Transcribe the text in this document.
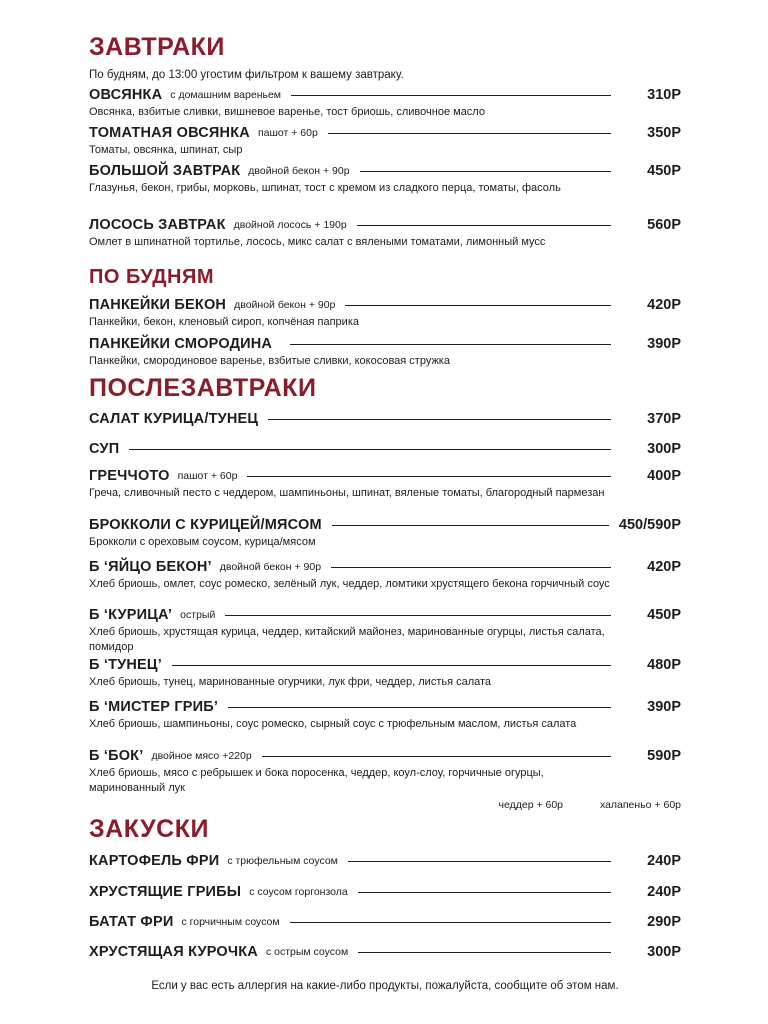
ЗАВТРАКИ
По будням, до 13:00 угостим фильтром к вашему завтраку.
ОВСЯНКА с домашним вареньем	310Р
Овсянка, взбитые сливки, вишневое варенье, тост бриошь, сливочное масло
ТОМАТНАЯ ОВСЯНКА пашот + 60р	350Р
Томаты, овсянка, шпинат, сыр
БОЛЬШОЙ ЗАВТРАК двойной бекон + 90р	450Р
Глазунья, бекон, грибы, морковь, шпинат, тост с кремом из сладкого перца, томаты, фасоль
ЛОСОСЬ ЗАВТРАК двойной лосось + 190р	560Р
Омлет в шпинатной тортилье, лосось, микс салат с вялеными томатами, лимонный мусс
ПО БУДНЯМ
ПАНКЕЙКИ БЕКОН двойной бекон + 90р	420Р
Панкейки, бекон, кленовый сироп, копчёная паприка
ПАНКЕЙКИ СМОРОДИНА	390Р
Панкейки, смородиновое варенье, взбитые сливки, кокосовая стружка
ПОСЛЕЗАВТРАКИ
САЛАТ КУРИЦА/ТУНЕЦ	370Р
СУП	300Р
ГРЕЧЧОТО пашот + 60р	400Р
Греча, сливочный песто с чеддером, шампиньоны, шпинат, вяленые томаты, благородный пармезан
БРОККОЛИ С КУРИЦЕЙ/МЯСОМ	450/590Р
Брокколи с ореховым соусом, курица/мясом
Б ‘ЯЙЦО БЕКОН’ двойной бекон + 90р	420Р
Хлеб бриошь, омлет, соус ромеско, зелёный лук, чеддер, ломтики хрустящего бекона горчичный соус
Б ‘КУРИЦА’ острый	450Р
Хлеб бриошь, хрустящая курица, чеддер, китайский майонез, маринованные огурцы, листья салата, помидор
Б ‘ТУНЕЦ’	480Р
Хлеб бриошь, тунец, маринованные огурчики, лук фри, чеддер, листья салата
Б ‘МИСТЕР ГРИБ’	390Р
Хлеб бриошь, шампиньоны, соус ромеско, сырный соус с трюфельным маслом, листья салата
Б ‘БОК’ двойное мясо +220р	590Р
Хлеб бриошь, мясо с ребрышек и бока поросенка, чеддер, коул-слоу, горчичные огурцы, маринованный лук
чеддер + 60р	халапеньо + 60р
ЗАКУСКИ
КАРТОФЕЛЬ ФРИ с трюфельным соусом	240Р
ХРУСТЯЩИЕ ГРИБЫ с соусом горгонзола	240Р
БАТАТ ФРИ с горчичным соусом	290Р
ХРУСТЯЩАЯ КУРОЧКА с острым соусом	300Р
Если у вас есть аллергия на какие-либо продукты, пожалуйста, сообщите об этом нам.
